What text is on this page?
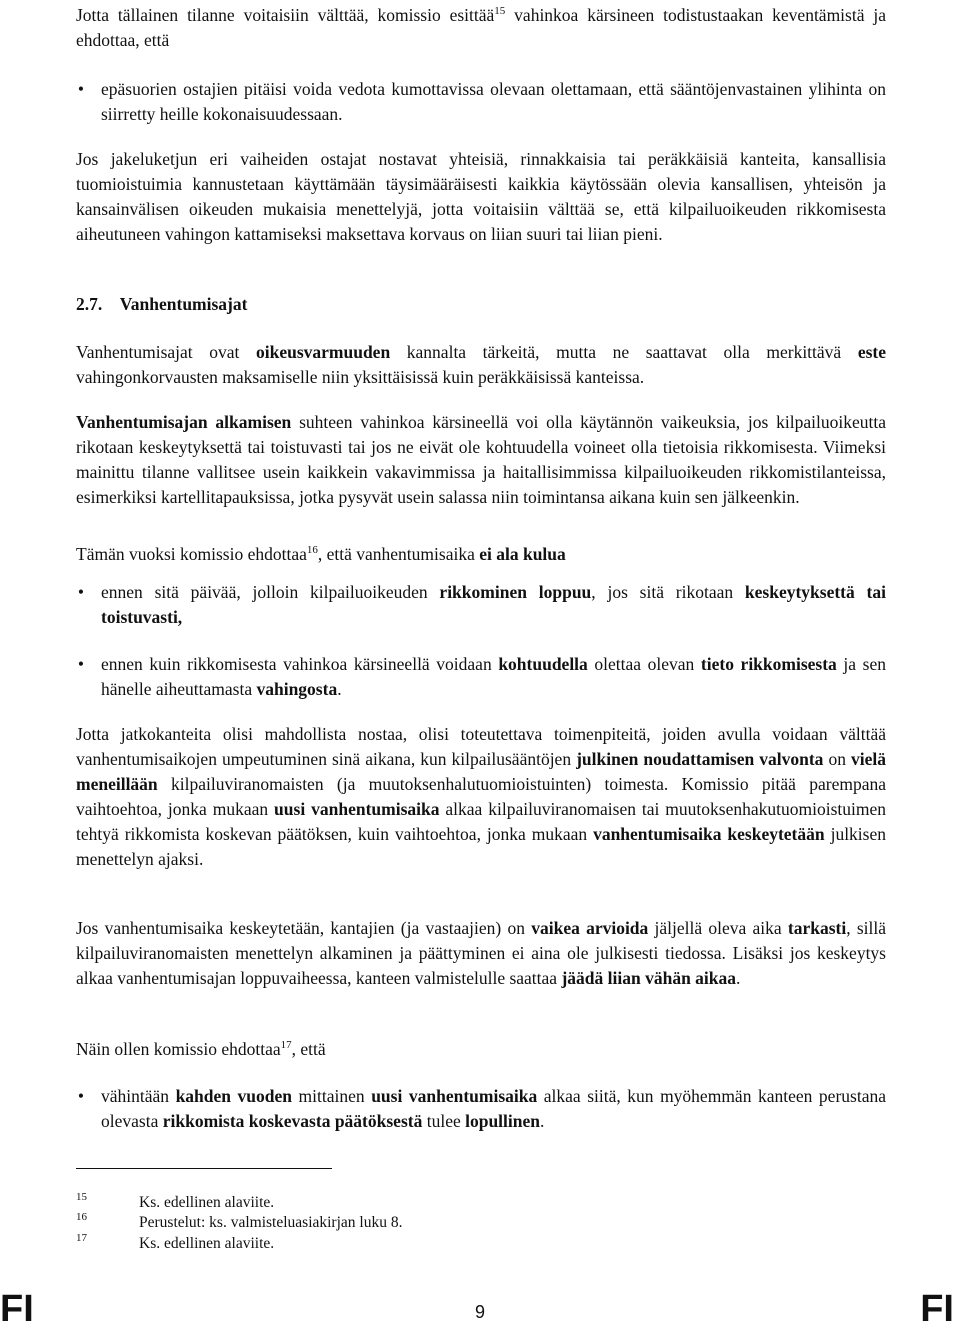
Jotta tällainen tilanne voitaisiin välttää, komissio esittää$^{15}$ vahinkoa kärsineen todistustaakan keventämistä ja ehdottaa, että

• epäsuorien ostajien pitäisi voida vedota kumottavissa olevaan olettamaan, että sääntöjenvastainen ylihinta on siirretty heille kokonaisuudessaan.

Jos jakeluketjun eri vaiheiden ostajat nostavat yhteisiä, rinnakkaisia tai peräkkäisiä kanteita, kansallisia tuomioistuimia kannustetaan käyttämään täysimääräisesti kaikkia käytössään olevia kansallisen, yhteisön ja kansainvälisen oikeuden mukaisia menettelyjä, jotta voitaisiin välttää se, että kilpailuoikeuden rikkomisesta aiheutuneen vahingon kattamiseksi maksettava korvaus on liian suuri tai liian pieni.

2.7. Vanhentumisajat

Vanhentumisajat ovat oikeusvarmuuden kannalta tärkeitä, mutta ne saattavat olla merkittävä este vahingonkorvausten maksamiselle niin yksittäisissä kuin peräkkäisissä kanteissa.

Vanhentumisajan alkamisen suhteen vahinkoa kärsineellä voi olla käytännön vaikeuksia, jos kilpailuoikeutta rikotaan keskeytyksettä tai toistuvasti tai jos ne eivät ole kohtuudella voineet olla tietoisia rikkomisesta. Viimeksi mainittu tilanne vallitsee usein kaikkein vakavimmissa ja haitallisimmissa kilpailuoikeuden rikkomistilanteissa, esimerkiksi kartellitapauksissa, jotka pysyvät usein salassa niin toimintansa aikana kuin sen jälkeenkin.

Tämän vuoksi komissio ehdottaa$^{16}$, että vanhentumisaika ei ala kulua

• ennen sitä päivää, jolloin kilpailuoikeuden rikkominen loppuu, jos sitä rikotaan keskeytyksettä tai toistuvasti,
• ennen kuin rikkomisesta vahinkoa kärsineellä voidaan kohtuudella olettaa olevan tieto rikkomisesta ja sen hänelle aiheuttamasta vahingosta.

Jotta jatkokanteita olisi mahdollista nostaa, olisi toteutettava toimenpiteitä, joiden avulla voidaan välttää vanhentumisaikojen umpeutuminen sinä aikana, kun kilpailusääntöjen julkinen noudattamisen valvonta on vielä meneillään kilpailuviranomaisten (ja muutoksenhalutuomioistuinten) toimesta. Komissio pitää parempana vaihtoehtoa, jonka mukaan uusi vanhentumisaika alkaa kilpailuviranomaisen tai muutoksenhakutuomioistuimen tehtyä rikkomista koskevan päätöksen, kuin vaihtoehtoa, jonka mukaan vanhentumisaika keskeytetään julkisen menettelyn ajaksi.

Jos vanhentumisaika keskeytetään, kantajien (ja vastaajien) on vaikea arvioida jäljellä oleva aika tarkasti, sillä kilpailuviranomaisten menettelyn alkaminen ja päättyminen ei aina ole julkisesti tiedossa. Lisäksi jos keskeytys alkaa vanhentumisajan loppuvaiheessa, kanteen valmistelulle saattaa jäädä liian vähän aikaa.

Näin ollen komissio ehdottaa$^{17}$, että

• vähintään kahden vuoden mittainen uusi vanhentumisaika alkaa siitä, kun myöhemmän kanteen perustana olevasta rikkomista koskevasta päätöksestä tulee lopullinen.
15	Ks. edellinen alaviite.
16	Perustelut: ks. valmisteluasiakirjan luku 8.
17	Ks. edellinen alaviite.
FI	9	FI
